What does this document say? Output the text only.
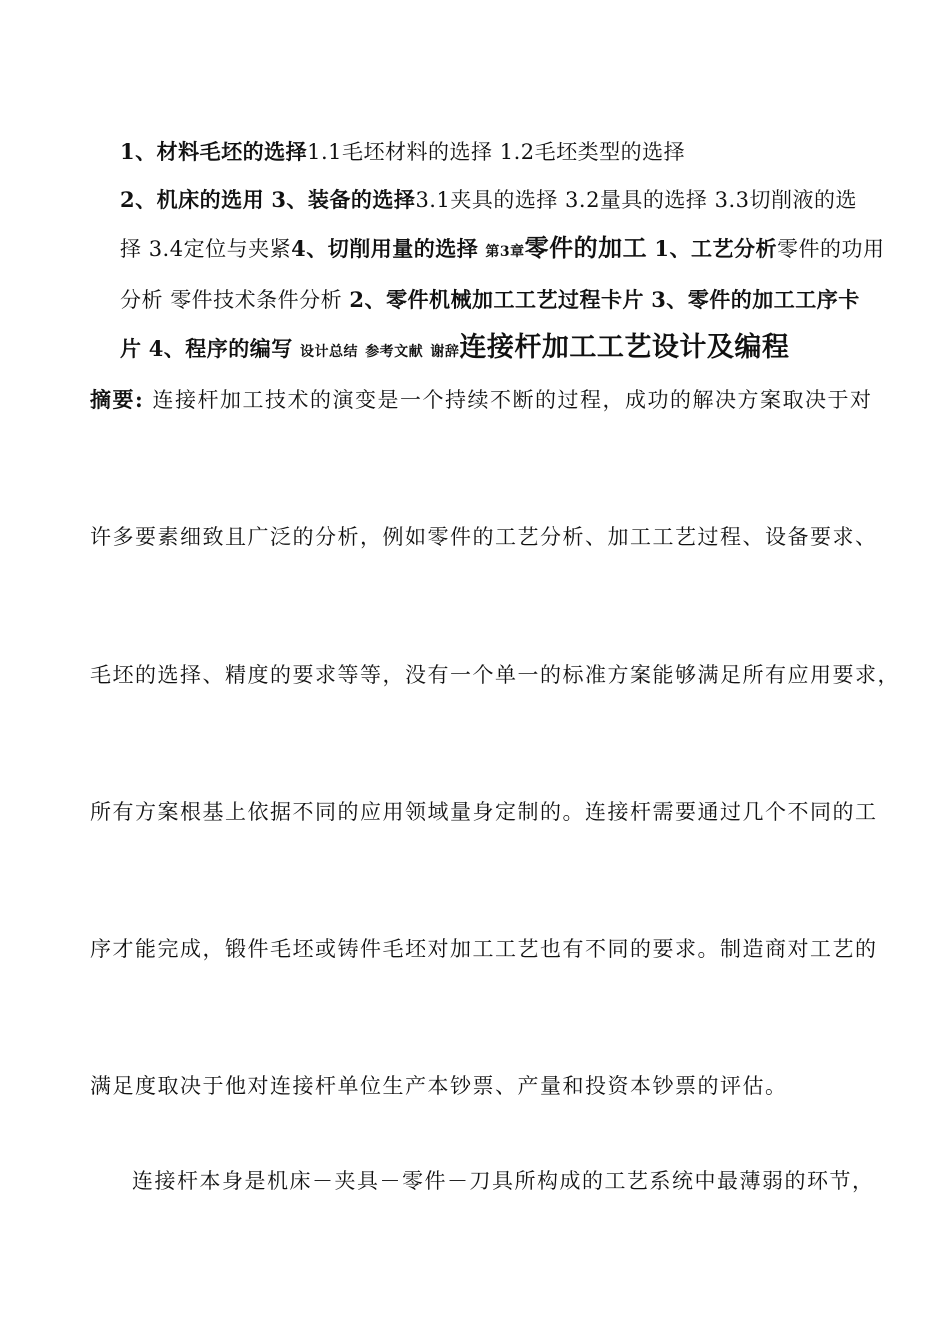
1、材料毛坯的选择1.1毛坯材料的选择 1.2毛坯类型的选择
2、机床的选用 3、装备的选择3.1夹具的选择 3.2量具的选择 3.3切削液的选择 3.4定位与夹紧4、切削用量的选择 第3章零件的加工 1、工艺分析零件的功用分析 零件技术条件分析 2、零件机械加工工艺过程卡片 3、零件的加工工序卡片 4、程序的编写 设计总结 参考文献 谢辞连接杆加工工艺设计及编程
摘要: 连接杆加工技术的演变是一个持续不断的过程，成功的解决方案取决于对
许多要素细致且广泛的分析，例如零件的工艺分析、加工工艺过程、设备要求、
毛坯的选择、精度的要求等等，没有一个单一的标准方案能够满足所有应用要求，
所有方案根基上依据不同的应用领域量身定制的。连接杆需要通过几个不同的工
序才能完成，锻件毛坯或铸件毛坯对加工工艺也有不同的要求。制造商对工艺的
满足度取决于他对连接杆单位生产本钞票、产量和投资本钞票的评估。
连接杆本身是机床－夹具－零件－刀具所构成的工艺系统中最薄弱的环节，
